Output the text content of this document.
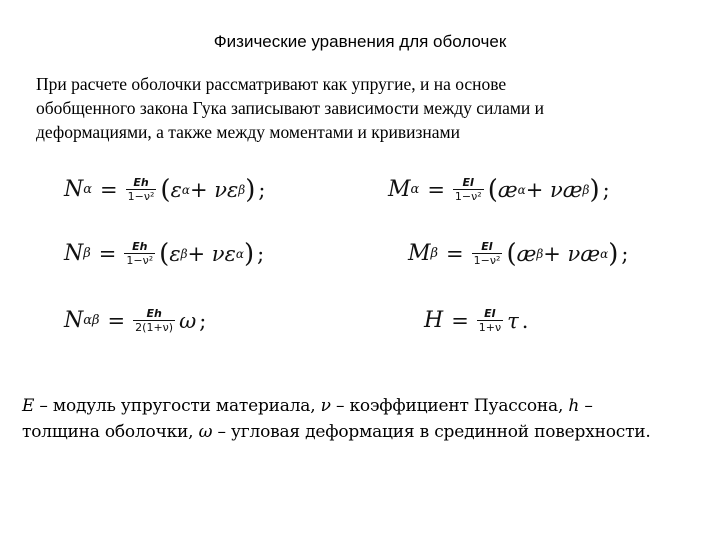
Физические уравнения для оболочек
При расчете оболочки рассматривают как упругие, и на основе
обобщенного закона Гука записывают зависимости между силами и
деформациями, а также между моментами и кривизнами
N $\alpha = \frac{Eh}{\text{1−ν²}}$ ( ε α + ν ε β ) ;	M $\alpha = \frac{EI}{\text{1−ν²}}$ ( æ α + ν æ β ) ;
N $\beta = \frac{Eh}{\text{1−ν²}}$ ( ε β + ν ε α ) ;	M $\beta = \frac{EI}{\text{1−ν²}}$ ( æ β + ν æ α ) ;
N $\alpha\beta = \frac{Eh}{2(1+\nu)}$ ω ;	$H = \frac{EI}{1+\nu}$ τ .
E – модуль упругости материала, ν – коэффициент Пуассона, h –
толщина оболочки, ω – угловая деформация в срединной поверхности.
